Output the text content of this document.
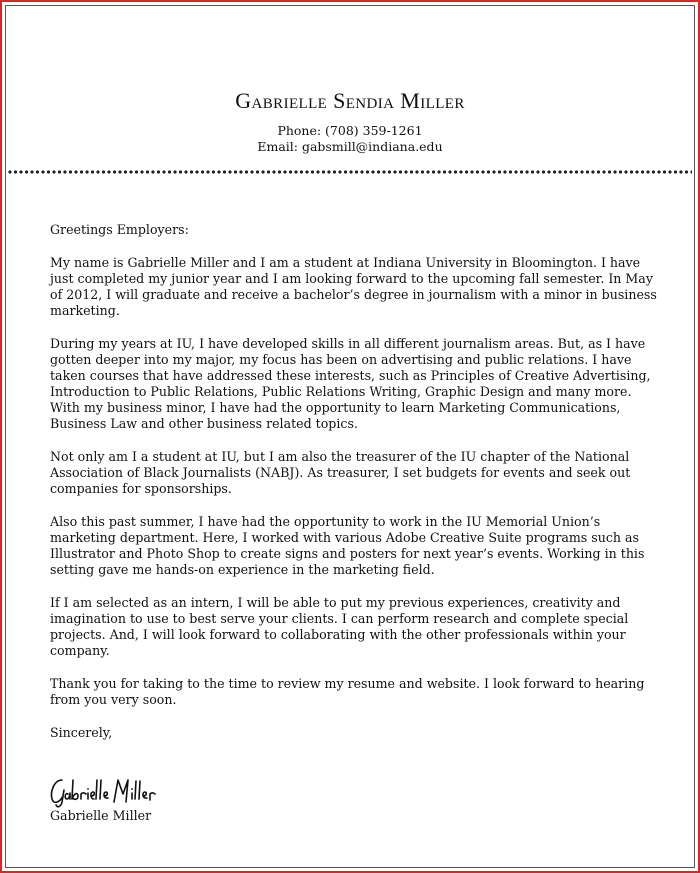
Gabrielle Sendia Miller
Phone: (708) 359-1261
Email: gabsmill@indiana.edu

Greetings Employers:

My name is Gabrielle Miller and I am a student at Indiana University in Bloomington. I have just completed my junior year and I am looking forward to the upcoming fall semester. In May of 2012, I will graduate and receive a bachelor’s degree in journalism with a minor in business marketing.

During my years at IU, I have developed skills in all different journalism areas. But, as I have gotten deeper into my major, my focus has been on advertising and public relations. I have taken courses that have addressed these interests, such as Principles of Creative Advertising, Introduction to Public Relations, Public Relations Writing, Graphic Design and many more. With my business minor, I have had the opportunity to learn Marketing Communications, Business Law and other business related topics.

Not only am I a student at IU, but I am also the treasurer of the IU chapter of the National Association of Black Journalists (NABJ). As treasurer, I set budgets for events and seek out companies for sponsorships.

Also this past summer, I have had the opportunity to work in the IU Memorial Union’s marketing department. Here, I worked with various Adobe Creative Suite programs such as Illustrator and Photo Shop to create signs and posters for next year’s events. Working in this setting gave me hands-on experience in the marketing field.

If I am selected as an intern, I will be able to put my previous experiences, creativity and imagination to use to best serve your clients. I can perform research and complete special projects. And, I will look forward to collaborating with the other professionals within your company.

Thank you for taking to the time to review my resume and website. I look forward to hearing from you very soon.

Sincerely,

Gabrielle Miller
